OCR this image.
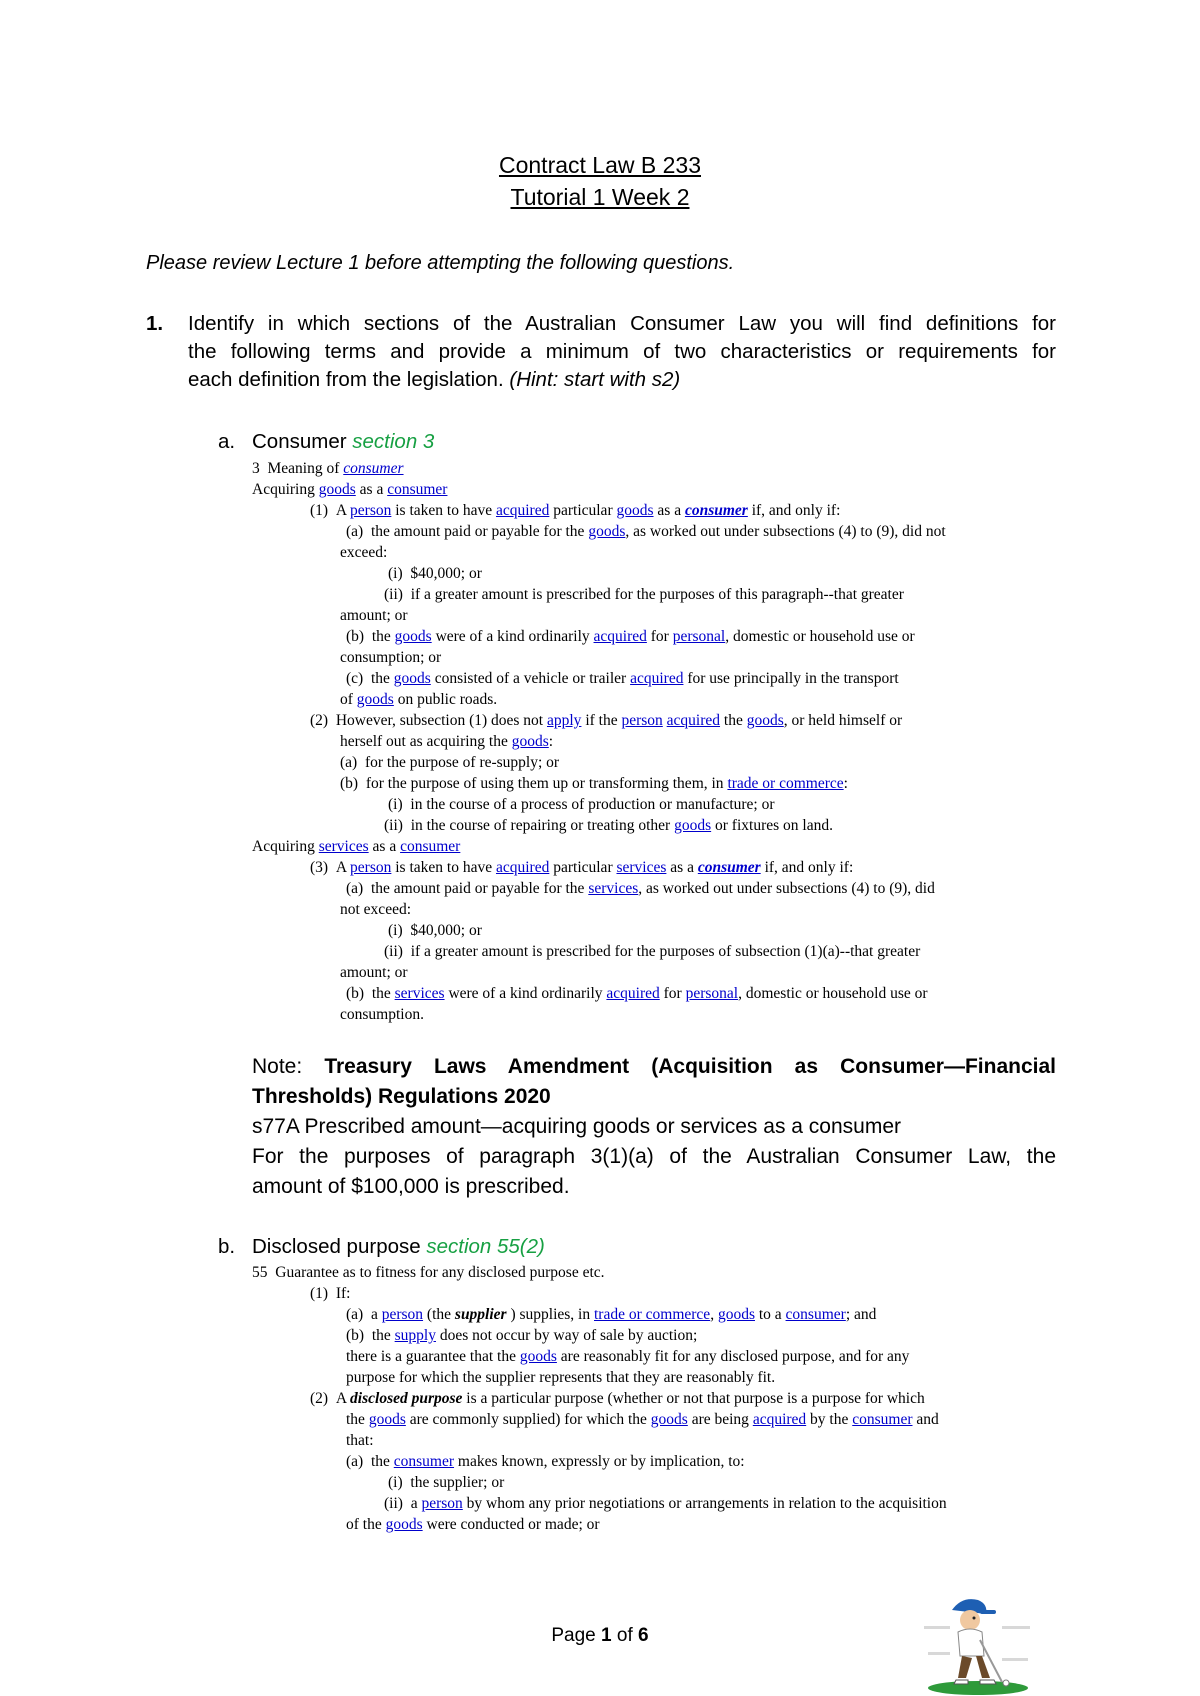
Contract Law B 233
Tutorial 1 Week 2
Please review Lecture 1 before attempting the following questions.
1. Identify in which sections of the Australian Consumer Law you will find definitions for
the following terms and provide a minimum of two characteristics or requirements for
each definition from the legislation. (Hint: start with s2)
a. Consumer section 3
3 Meaning of consumer
Acquiring goods as a consumer
(1) A person is taken to have acquired particular goods as a consumer if, and only if:
(a) the amount paid or payable for the goods, as worked out under subsections (4) to (9), did not
exceed:
(i) $40,000; or
(ii) if a greater amount is prescribed for the purposes of this paragraph--that greater
amount; or
(b) the goods were of a kind ordinarily acquired for personal, domestic or household use or
consumption; or
(c) the goods consisted of a vehicle or trailer acquired for use principally in the transport
of goods on public roads.
(2) However, subsection (1) does not apply if the person acquired the goods, or held himself or
herself out as acquiring the goods:
(a) for the purpose of re-supply; or
(b) for the purpose of using them up or transforming them, in trade or commerce:
(i) in the course of a process of production or manufacture; or
(ii) in the course of repairing or treating other goods or fixtures on land.
Acquiring services as a consumer
(3) A person is taken to have acquired particular services as a consumer if, and only if:
(a) the amount paid or payable for the services, as worked out under subsections (4) to (9), did
not exceed:
(i) $40,000; or
(ii) if a greater amount is prescribed for the purposes of subsection (1)(a)--that greater
amount; or
(b) the services were of a kind ordinarily acquired for personal, domestic or household use or
consumption.
Note: Treasury Laws Amendment (Acquisition as Consumer—Financial
Thresholds) Regulations 2020
s77A Prescribed amount—acquiring goods or services as a consumer
For the purposes of paragraph 3(1)(a) of the Australian Consumer Law, the
amount of $100,000 is prescribed.
b. Disclosed purpose section 55(2)
55 Guarantee as to fitness for any disclosed purpose etc.
(1) If:
(a) a person (the supplier ) supplies, in trade or commerce, goods to a consumer; and
(b) the supply does not occur by way of sale by auction;
there is a guarantee that the goods are reasonably fit for any disclosed purpose, and for any
purpose for which the supplier represents that they are reasonably fit.
(2) A disclosed purpose is a particular purpose (whether or not that purpose is a purpose for which
the goods are commonly supplied) for which the goods are being acquired by the consumer and
that:
(a) the consumer makes known, expressly or by implication, to:
(i) the supplier; or
(ii) a person by whom any prior negotiations or arrangements in relation to the acquisition
of the goods were conducted or made; or
Page 1 of 6
